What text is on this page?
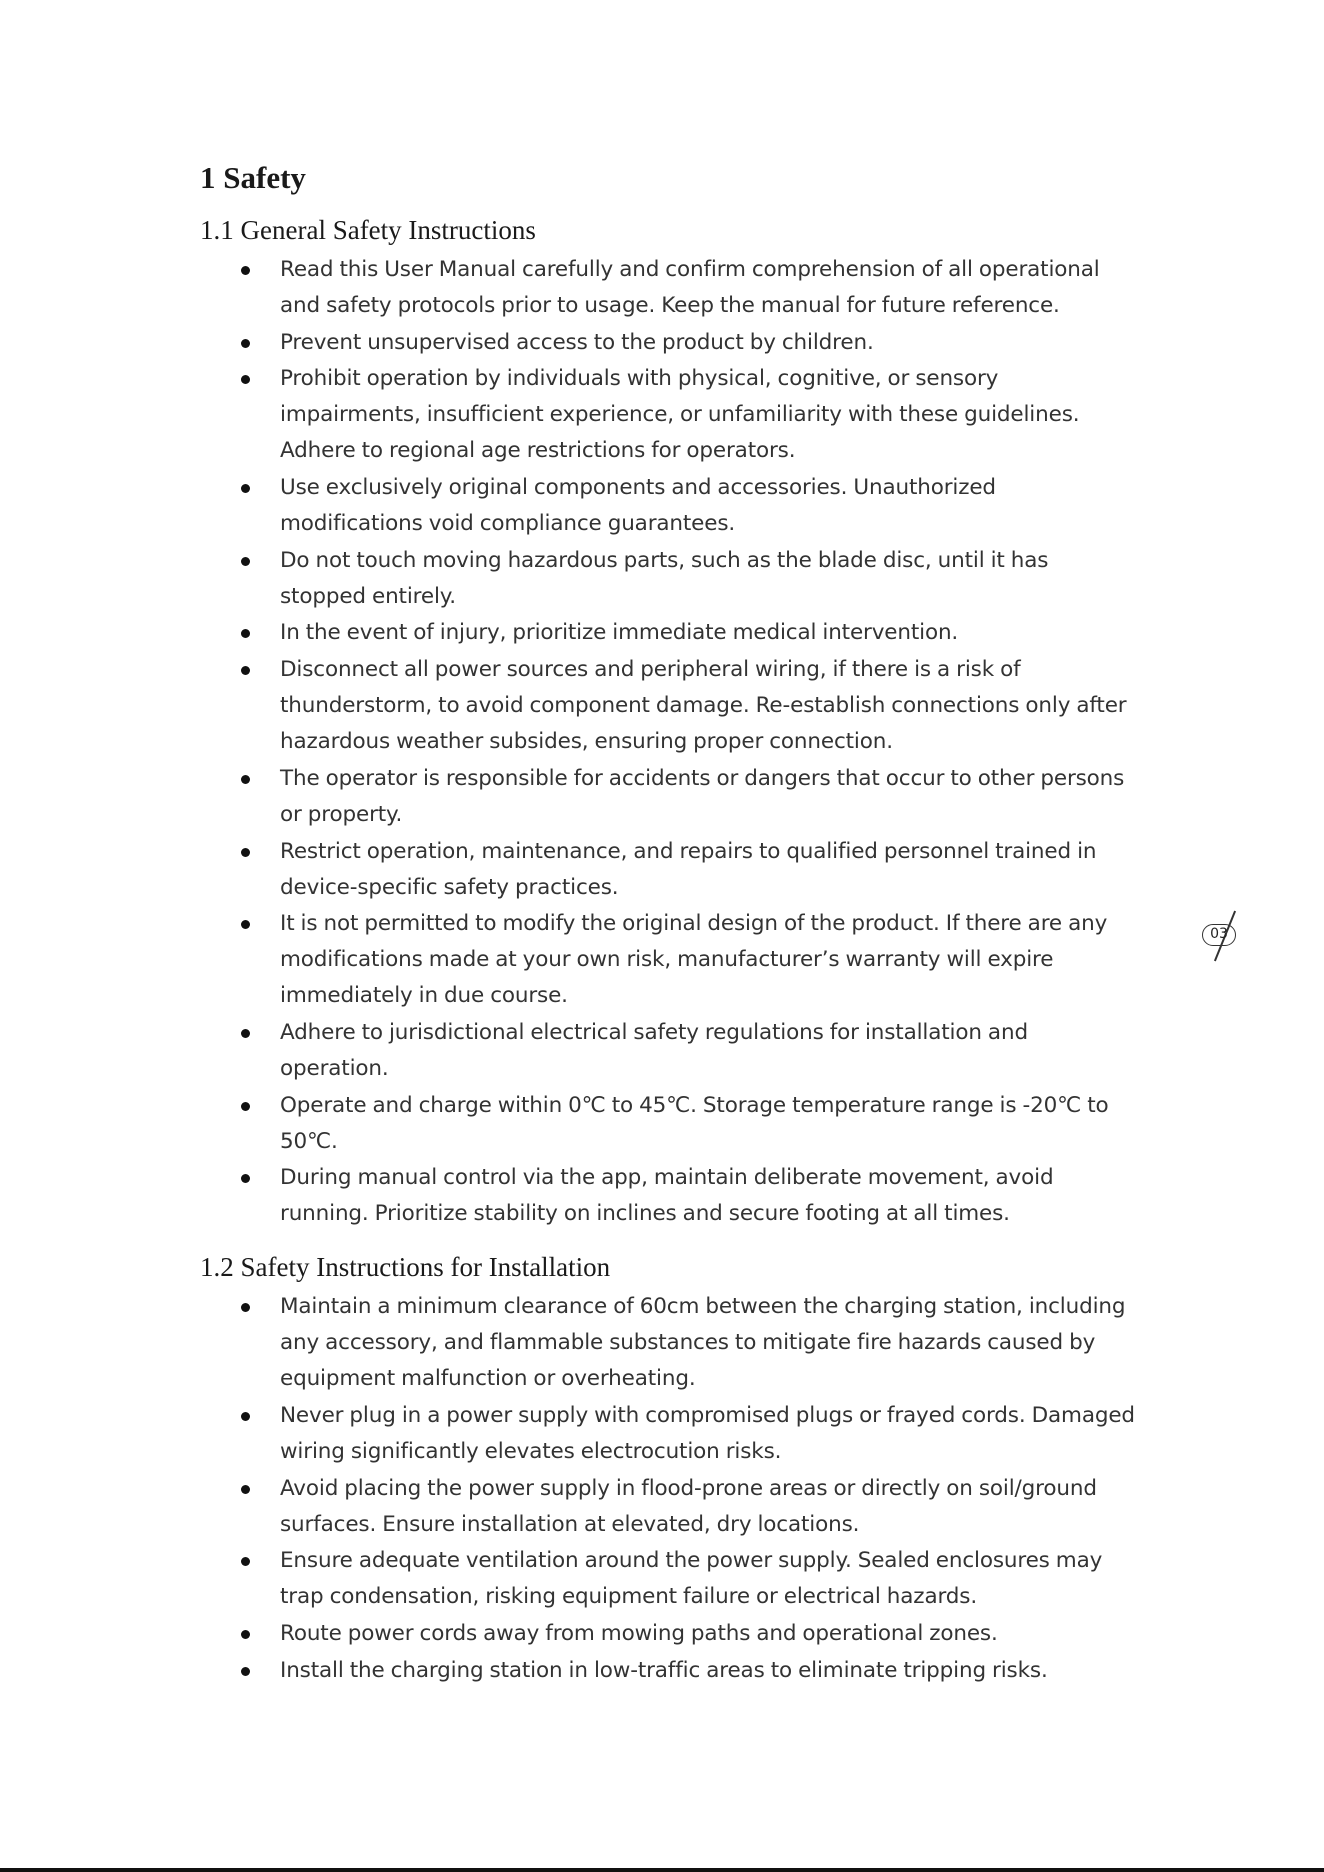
1 Safety
1.1 General Safety Instructions
Read this User Manual carefully and confirm comprehension of all operational and safety protocols prior to usage. Keep the manual for future reference.
Prevent unsupervised access to the product by children.
Prohibit operation by individuals with physical, cognitive, or sensory impairments, insufficient experience, or unfamiliarity with these guidelines. Adhere to regional age restrictions for operators.
Use exclusively original components and accessories. Unauthorized modifications void compliance guarantees.
Do not touch moving hazardous parts, such as the blade disc, until it has stopped entirely.
In the event of injury, prioritize immediate medical intervention.
Disconnect all power sources and peripheral wiring, if there is a risk of thunderstorm, to avoid component damage. Re-establish connections only after hazardous weather subsides, ensuring proper connection.
The operator is responsible for accidents or dangers that occur to other persons or property.
Restrict operation, maintenance, and repairs to qualified personnel trained in device-specific safety practices.
It is not permitted to modify the original design of the product. If there are any modifications made at your own risk, manufacturer’s warranty will expire immediately in due course.
Adhere to jurisdictional electrical safety regulations for installation and operation.
Operate and charge within 0℃ to 45℃. Storage temperature range is -20℃ to 50℃.
During manual control via the app, maintain deliberate movement, avoid running. Prioritize stability on inclines and secure footing at all times.
1.2 Safety Instructions for Installation
Maintain a minimum clearance of 60cm between the charging station, including any accessory, and flammable substances to mitigate fire hazards caused by equipment malfunction or overheating.
Never plug in a power supply with compromised plugs or frayed cords. Damaged wiring significantly elevates electrocution risks.
Avoid placing the power supply in flood-prone areas or directly on soil/ground surfaces. Ensure installation at elevated, dry locations.
Ensure adequate ventilation around the power supply. Sealed enclosures may trap condensation, risking equipment failure or electrical hazards.
Route power cords away from mowing paths and operational zones.
Install the charging station in low-traffic areas to eliminate tripping risks.
03
